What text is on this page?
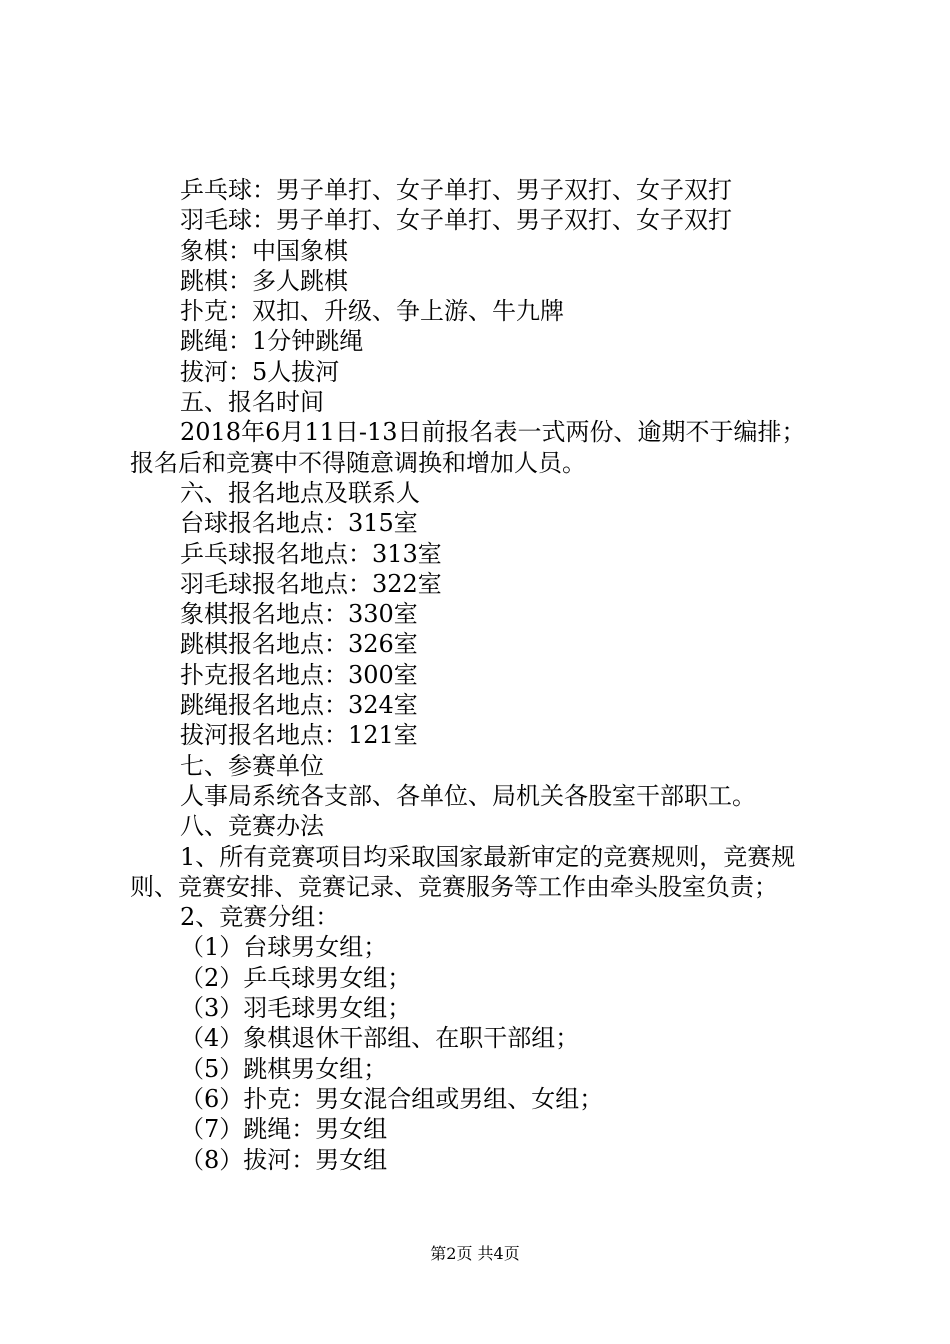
乒乓球：男子单打、女子单打、男子双打、女子双打
羽毛球：男子单打、女子单打、男子双打、女子双打
象棋：中国象棋
跳棋：多人跳棋
扑克：双扣、升级、争上游、牛九牌
跳绳：1分钟跳绳
拔河：5人拔河
五、报名时间
2018年6月11日-13日前报名表一式两份、逾期不于编排；
报名后和竞赛中不得随意调换和增加人员。
六、报名地点及联系人
台球报名地点：315室
乒乓球报名地点：313室
羽毛球报名地点：322室
象棋报名地点：330室
跳棋报名地点：326室
扑克报名地点：300室
跳绳报名地点：324室
拔河报名地点：121室
七、参赛单位
人事局系统各支部、各单位、局机关各股室干部职工。
八、竞赛办法
1、所有竞赛项目均采取国家最新审定的竞赛规则，竞赛规
则、竞赛安排、竞赛记录、竞赛服务等工作由牵头股室负责；
2、竞赛分组：
（1）台球男女组；
（2）乒乓球男女组；
（3）羽毛球男女组；
（4）象棋退休干部组、在职干部组；
（5）跳棋男女组；
（6）扑克：男女混合组或男组、女组；
（7）跳绳：男女组
（8）拔河：男女组
第2页 共4页
